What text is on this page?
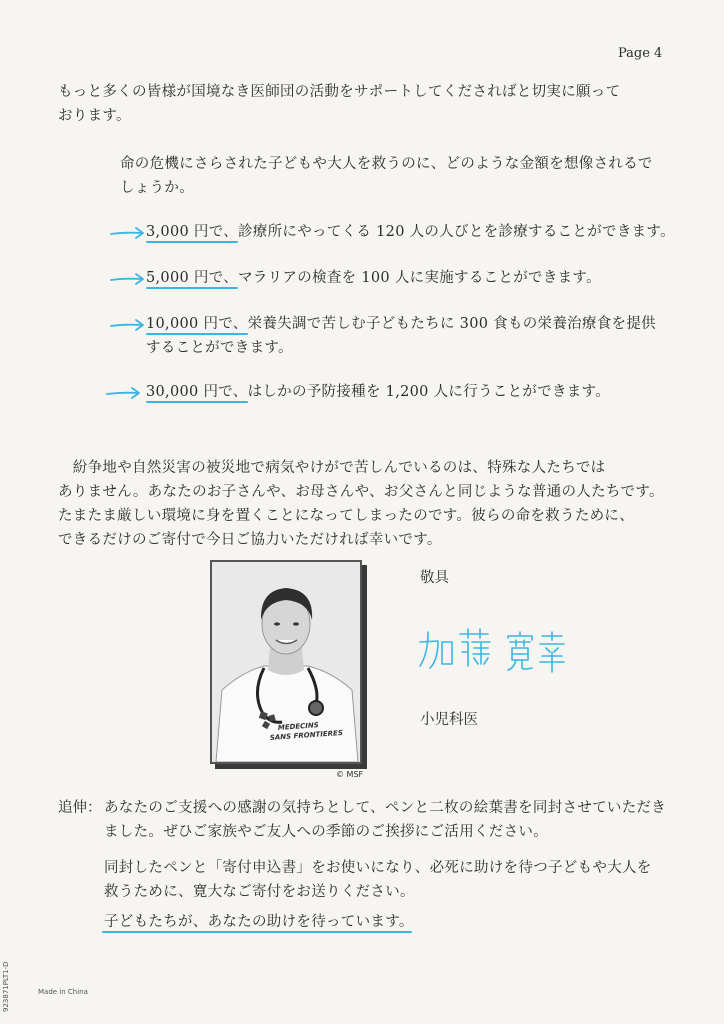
Page 4
もっと多くの皆様が国境なき医師団の活動をサポートしてくださればと切実に願って
おります。
命の危機にさらされた子どもや大人を救うのに、どのような金額を想像されるで
しょうか。
3,000 円で、診療所にやってくる 120 人の人びとを診療することができます。
5,000 円で、マラリアの検査を 100 人に実施することができます。
10,000 円で、栄養失調で苦しむ子どもたちに 300 食もの栄養治療食を提供
することができます。
30,000 円で、はしかの予防接種を 1,200 人に行うことができます。
　紛争地や自然災害の被災地で病気やけがで苦しんでいるのは、特殊な人たちでは
ありません。あなたのお子さんや、お母さんや、お父さんと同じような普通の人たちです。
たまたま厳しい環境に身を置くことになってしまったのです。彼らの命を救うために、
できるだけのご寄付で今日ご協力いただければ幸いです。
MEDECINS
SANS FRONTIERES
© MSF
敬具
小児科医
追伸： あなたのご支援への感謝の気持ちとして、ペンと二枚の絵葉書を同封させていただき
ました。ぜひご家族やご友人への季節のご挨拶にご活用ください。
同封したペンと「寄付申込書」をお使いになり、必死に助けを待つ子どもや大人を
救うために、寛大なご寄付をお送りください。
子どもたちが、あなたの助けを待っています。
Made in China
923871PLT1-D
